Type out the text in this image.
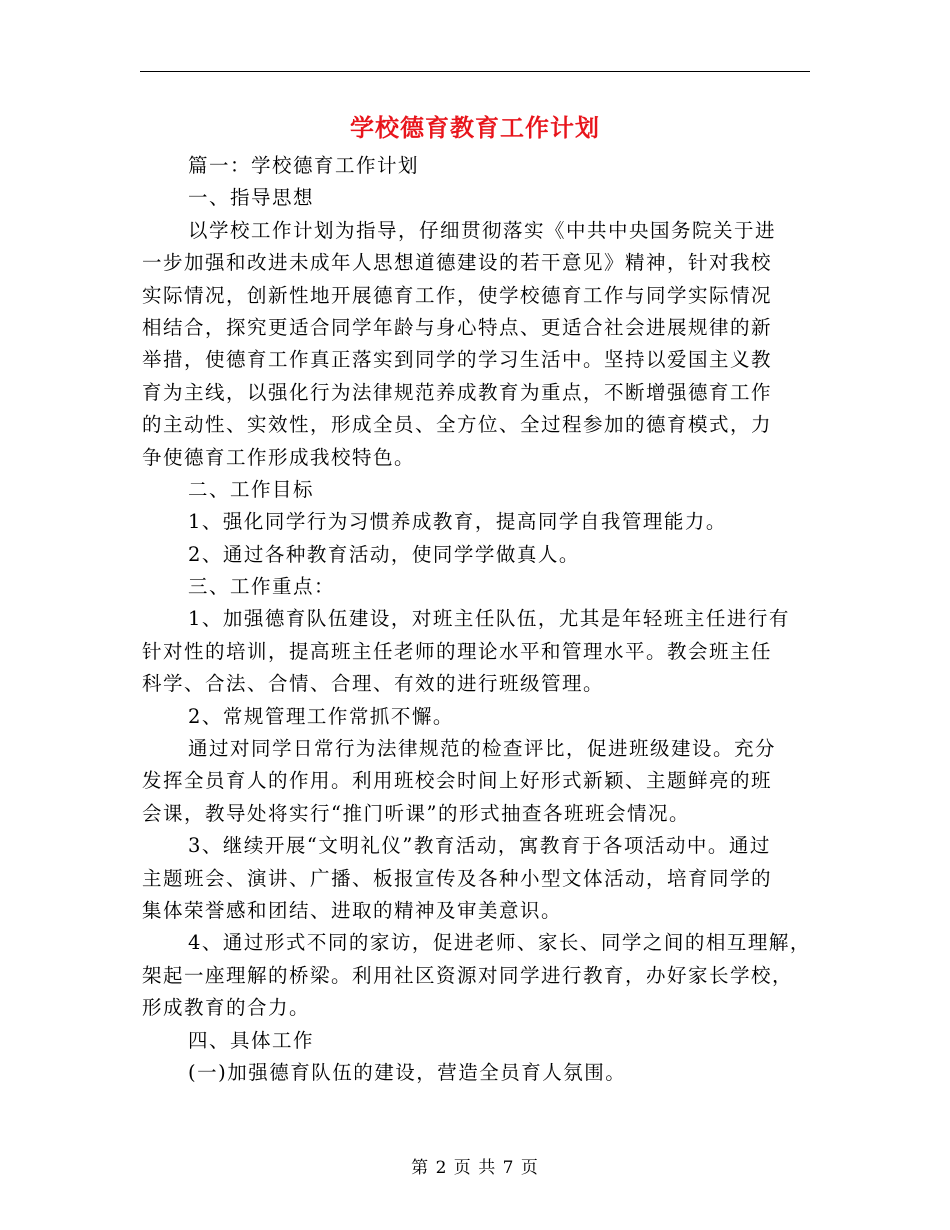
学校德育教育工作计划
篇一：学校德育工作计划
一、指导思想
以学校工作计划为指导，仔细贯彻落实《中共中央国务院关于进
一步加强和改进未成年人思想道德建设的若干意见》精神，针对我校
实际情况，创新性地开展德育工作，使学校德育工作与同学实际情况
相结合，探究更适合同学年龄与身心特点、更适合社会进展规律的新
举措，使德育工作真正落实到同学的学习生活中。坚持以爱国主义教
育为主线，以强化行为法律规范养成教育为重点，不断增强德育工作
的主动性、实效性，形成全员、全方位、全过程参加的德育模式，力
争使德育工作形成我校特色。
二、工作目标
1、强化同学行为习惯养成教育，提高同学自我管理能力。
2、通过各种教育活动，使同学学做真人。
三、工作重点：
1、加强德育队伍建设，对班主任队伍，尤其是年轻班主任进行有
针对性的培训，提高班主任老师的理论水平和管理水平。教会班主任
科学、合法、合情、合理、有效的进行班级管理。
2、常规管理工作常抓不懈。
通过对同学日常行为法律规范的检查评比，促进班级建设。充分
发挥全员育人的作用。利用班校会时间上好形式新颖、主题鲜亮的班
会课，教导处将实行“推门听课”的形式抽查各班班会情况。
3、继续开展“文明礼仪”教育活动，寓教育于各项活动中。通过
主题班会、演讲、广播、板报宣传及各种小型文体活动，培育同学的
集体荣誉感和团结、进取的精神及审美意识。
4、通过形式不同的家访，促进老师、家长、同学之间的相互理解，
架起一座理解的桥梁。利用社区资源对同学进行教育，办好家长学校，
形成教育的合力。
四、具体工作
(一)加强德育队伍的建设，营造全员育人氛围。
第 2 页 共 7 页
